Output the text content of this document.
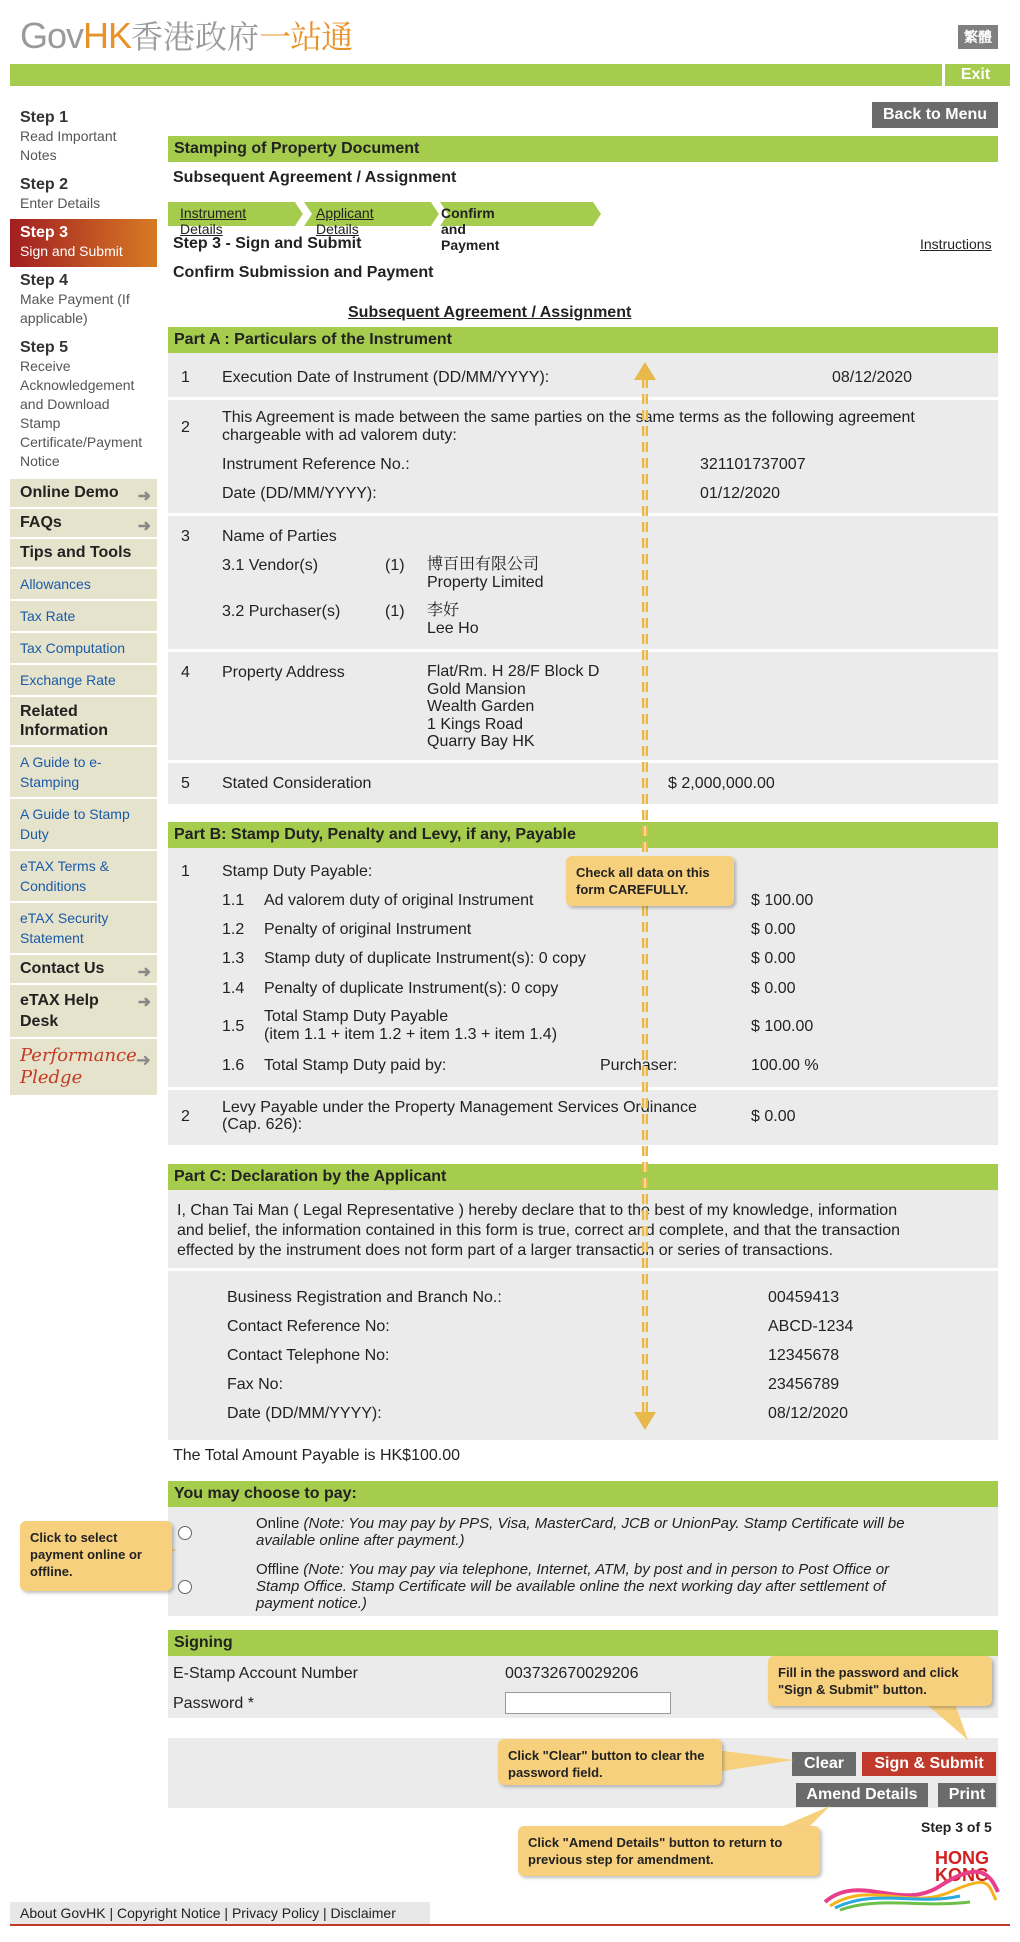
GovHK香港政府一站通	繁體
Exit
Step 1
Read Important Notes
Step 2
Enter Details
Step 3
Sign and Submit
Step 4
Make Payment (If applicable)
Step 5
Receive Acknowledgement and Download Stamp Certificate/Payment Notice
Online Demo ➜
FAQs	➜
Tips and Tools
Allowances
Tax Rate
Tax Computation
Exchange Rate
Related Information
A Guide to e-Stamping
A Guide to Stamp Duty
eTAX Terms & Conditions
eTAX Security Statement
Contact Us ➜
eTAX Help Desk
➜
Performance Pledge
➜
Back to Menu
Stamping of Property Document
Subsequent Agreement / Assignment
Instrument Details
Applicant Details
Confirm and Payment
Step 3 - Sign and Submit	Instructions
Confirm Submission and Payment
Subsequent Agreement / Assignment
Part A : Particulars of the Instrument
1 Execution Date of Instrument (DD/MM/YYYY):	08/12/2020
2
This Agreement is made between the same parties on the same terms as the following agreement chargeable with ad valorem duty:
Instrument Reference No.:	321101737007
Date (DD/MM/YYYY):	01/12/2020
3 Name of Parties
3.1 Vendor(s)	(1) 博百田有限公司
Property Limited
3.2 Purchaser(s)	(1) 李好
Lee Ho
4 Property Address	Flat/Rm. H 28/F Block D
Gold Mansion
Wealth Garden
1 Kings Road
Quarry Bay HK
5 Stated Consideration	$ 2,000,000.00
Part B: Stamp Duty, Penalty and Levy, if any, Payable
1 Stamp Duty Payable:
1.1 Ad valorem duty of original Instrument	$ 100.00
1.2 Penalty of original Instrument	$ 0.00
1.3 Stamp duty of duplicate Instrument(s): 0 copy	$ 0.00
1.4 Penalty of duplicate Instrument(s): 0 copy	$ 0.00
1.5
Total Stamp Duty Payable
(item 1.1 + item 1.2 + item 1.3 + item 1.4)	$ 100.00
1.6 Total Stamp Duty paid by:	Purchaser:	100.00 %
2
Levy Payable under the Property Management Services Ordinance
(Cap. 626):	$ 0.00
Part C: Declaration by the Applicant
I, Chan Tai Man ( Legal Representative ) hereby declare that to the best of my knowledge, information
and belief, the information contained in this form is true, correct and complete, and that the transaction
effected by the instrument does not form part of a larger transaction or series of transactions.
Business Registration and Branch No.:	00459413
Contact Reference No:	ABCD-1234
Contact Telephone No:	12345678
Fax No:	23456789
Date (DD/MM/YYYY):	08/12/2020
The Total Amount Payable is HK$100.00
You may choose to pay:
Online (Note: You may pay by PPS, Visa, MasterCard, JCB or UnionPay. Stamp Certificate will be
available online after payment.)
Offline (Note: You may pay via telephone, Internet, ATM, by post and in person to Post Office or
Stamp Office. Stamp Certificate will be available online the next working day after settlement of
payment notice.)
Signing
E-Stamp Account Number	003732670029206
Password *
Clear	Sign & Submit
Amend Details	Print
Step 3 of 5
Check all data on this form CAREFULLY.
Click to select payment online or offline.
Fill in the password and click "Sign & Submit" button.
Click "Clear" button to clear the password field.
Click "Amend Details" button to return to previous step for amendment.	HONG
KONG
About GovHK | Copyright Notice | Privacy Policy | Disclaimer
